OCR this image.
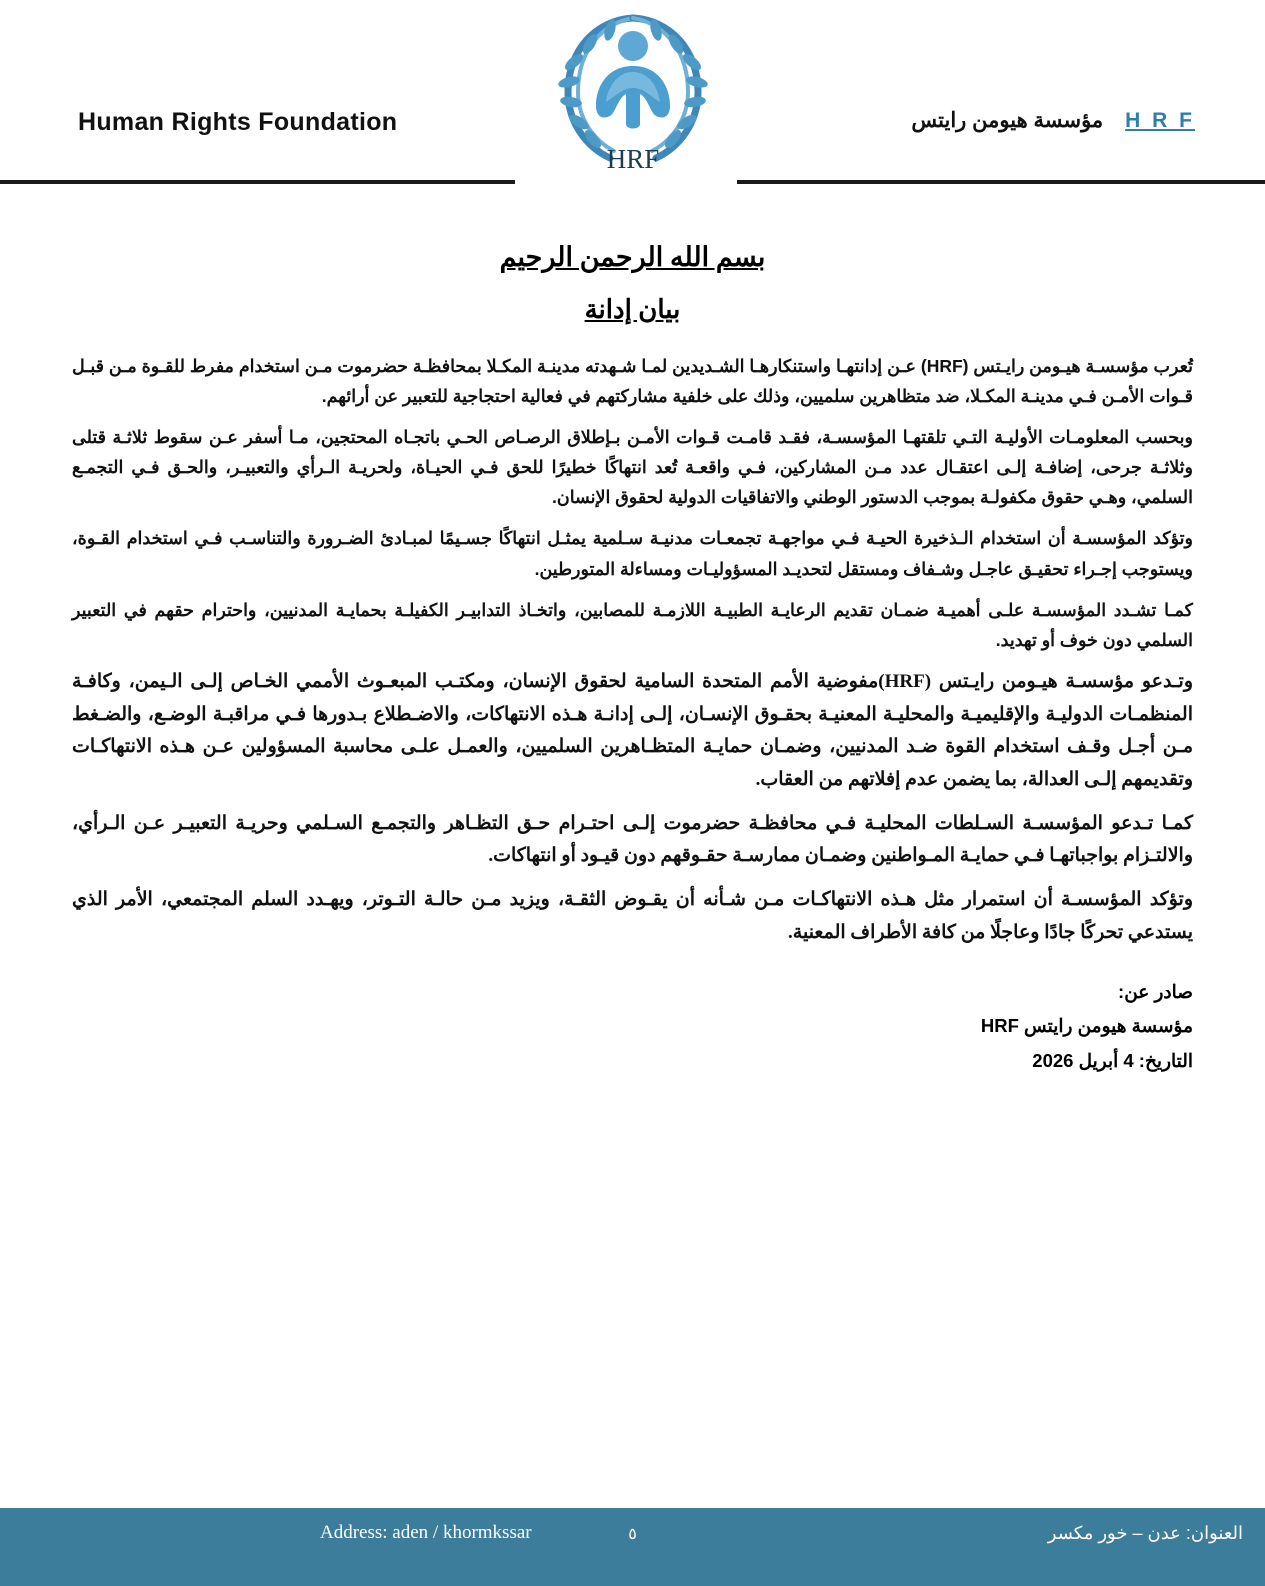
Human Rights Foundation
HRF
H R F
مؤسسة هيومن رايتس
بسم الله الرحمن الرحيم
بيان إدانة

تُعرب مؤسسـة هيـومن رايـتس (HRF) عـن إدانتهـا واستنكارهـا الشـديدين لمـا شـهدته مدينـة المكـلا بمحافظـة حضرموت مـن استخدام مفرط للقـوة مـن قبـل قـوات الأمـن فـي مدينـة المكـلا، ضد متظاهرين سلميين، وذلك على خلفية مشاركتهم في فعالية احتجاجية للتعبير عن أرائهم.

وبحسب المعلومـات الأوليـة التـي تلقتهـا المؤسسـة، فقـد قامـت قـوات الأمـن بـإطلاق الرصـاص الحـي باتجـاه المحتجين، مـا أسفر عـن سقوط ثلاثـة قتلى وثلاثـة جرحى، إضافـة إلـى اعتقـال عدد مـن المشاركين، فـي واقعـة تُعد انتهاكًا خطيرًا للحق فـي الحيـاة، ولحريـة الـرأي والتعبيـر، والحـق فـي التجمـع السلمي، وهـي حقوق مكفولـة بموجب الدستور الوطني والاتفاقيات الدولية لحقوق الإنسان.

وتؤكد المؤسسـة أن استخدام الـذخيرة الحيـة فـي مواجهـة تجمعـات مدنيـة سـلمية يمثـل انتهاكًا جسـيمًا لمبـادئ الضـرورة والتناسـب فـي استخدام القـوة، ويستوجب إجـراء تحقيـق عاجـل وشـفاف ومستقل لتحديـد المسؤوليـات ومساءلة المتورطين.

كمـا تشـدد المؤسسـة علـى أهميـة ضمـان تقديم الرعايـة الطبيـة اللازمـة للمصابين، واتخـاذ التدابيـر الكفيلـة بحمايـة المدنيين، واحترام حقهم في التعبير السلمي دون خوف أو تهديد.

وتـدعو مؤسسـة هيـومن رايـتس (HRF)مفوضية الأمم المتحدة السامية لحقوق الإنسان، ومكتـب المبعـوث الأممي الخـاص إلـى الـيمن، وكافـة المنظمـات الدوليـة والإقليميـة والمحليـة المعنيـة بحقـوق الإنسـان، إلـى إدانـة هـذه الانتهاكات، والاضـطلاع بـدورها فـي مراقبـة الوضـع، والضـغط مـن أجـل وقـف استخدام القوة ضـد المدنيين، وضمـان حمايـة المتظـاهرين السلميين، والعمـل علـى محاسبة المسؤولين عـن هـذه الانتهاكـات وتقديمهم إلـى العدالة، بما يضمن عدم إفلاتهم من العقاب.

كمـا تـدعو المؤسسـة السـلطات المحليـة فـي محافظـة حضرموت إلـى احتـرام حـق التظـاهر والتجمـع السـلمي وحريـة التعبيـر عـن الـرأي، والالتـزام بواجباتهـا فـي حمايـة المـواطنين وضمـان ممارسـة حقـوقهم دون قيـود أو انتهاكات.

وتؤكد المؤسسـة أن استمرار مثل هـذه الانتهاكـات مـن شـأنه أن يقـوض الثقـة، ويزيد مـن حالـة التـوتر، ويهـدد السلم المجتمعي، الأمر الذي يستدعي تحركًا جادًا وعاجلًا من كافة الأطراف المعنية.

صادر عن:
مؤسسة هيومن رايتس HRF
التاريخ: 4 أبريل 2026
Address: aden / khormkssar	٥	العنوان: عدن – خور مكسر
